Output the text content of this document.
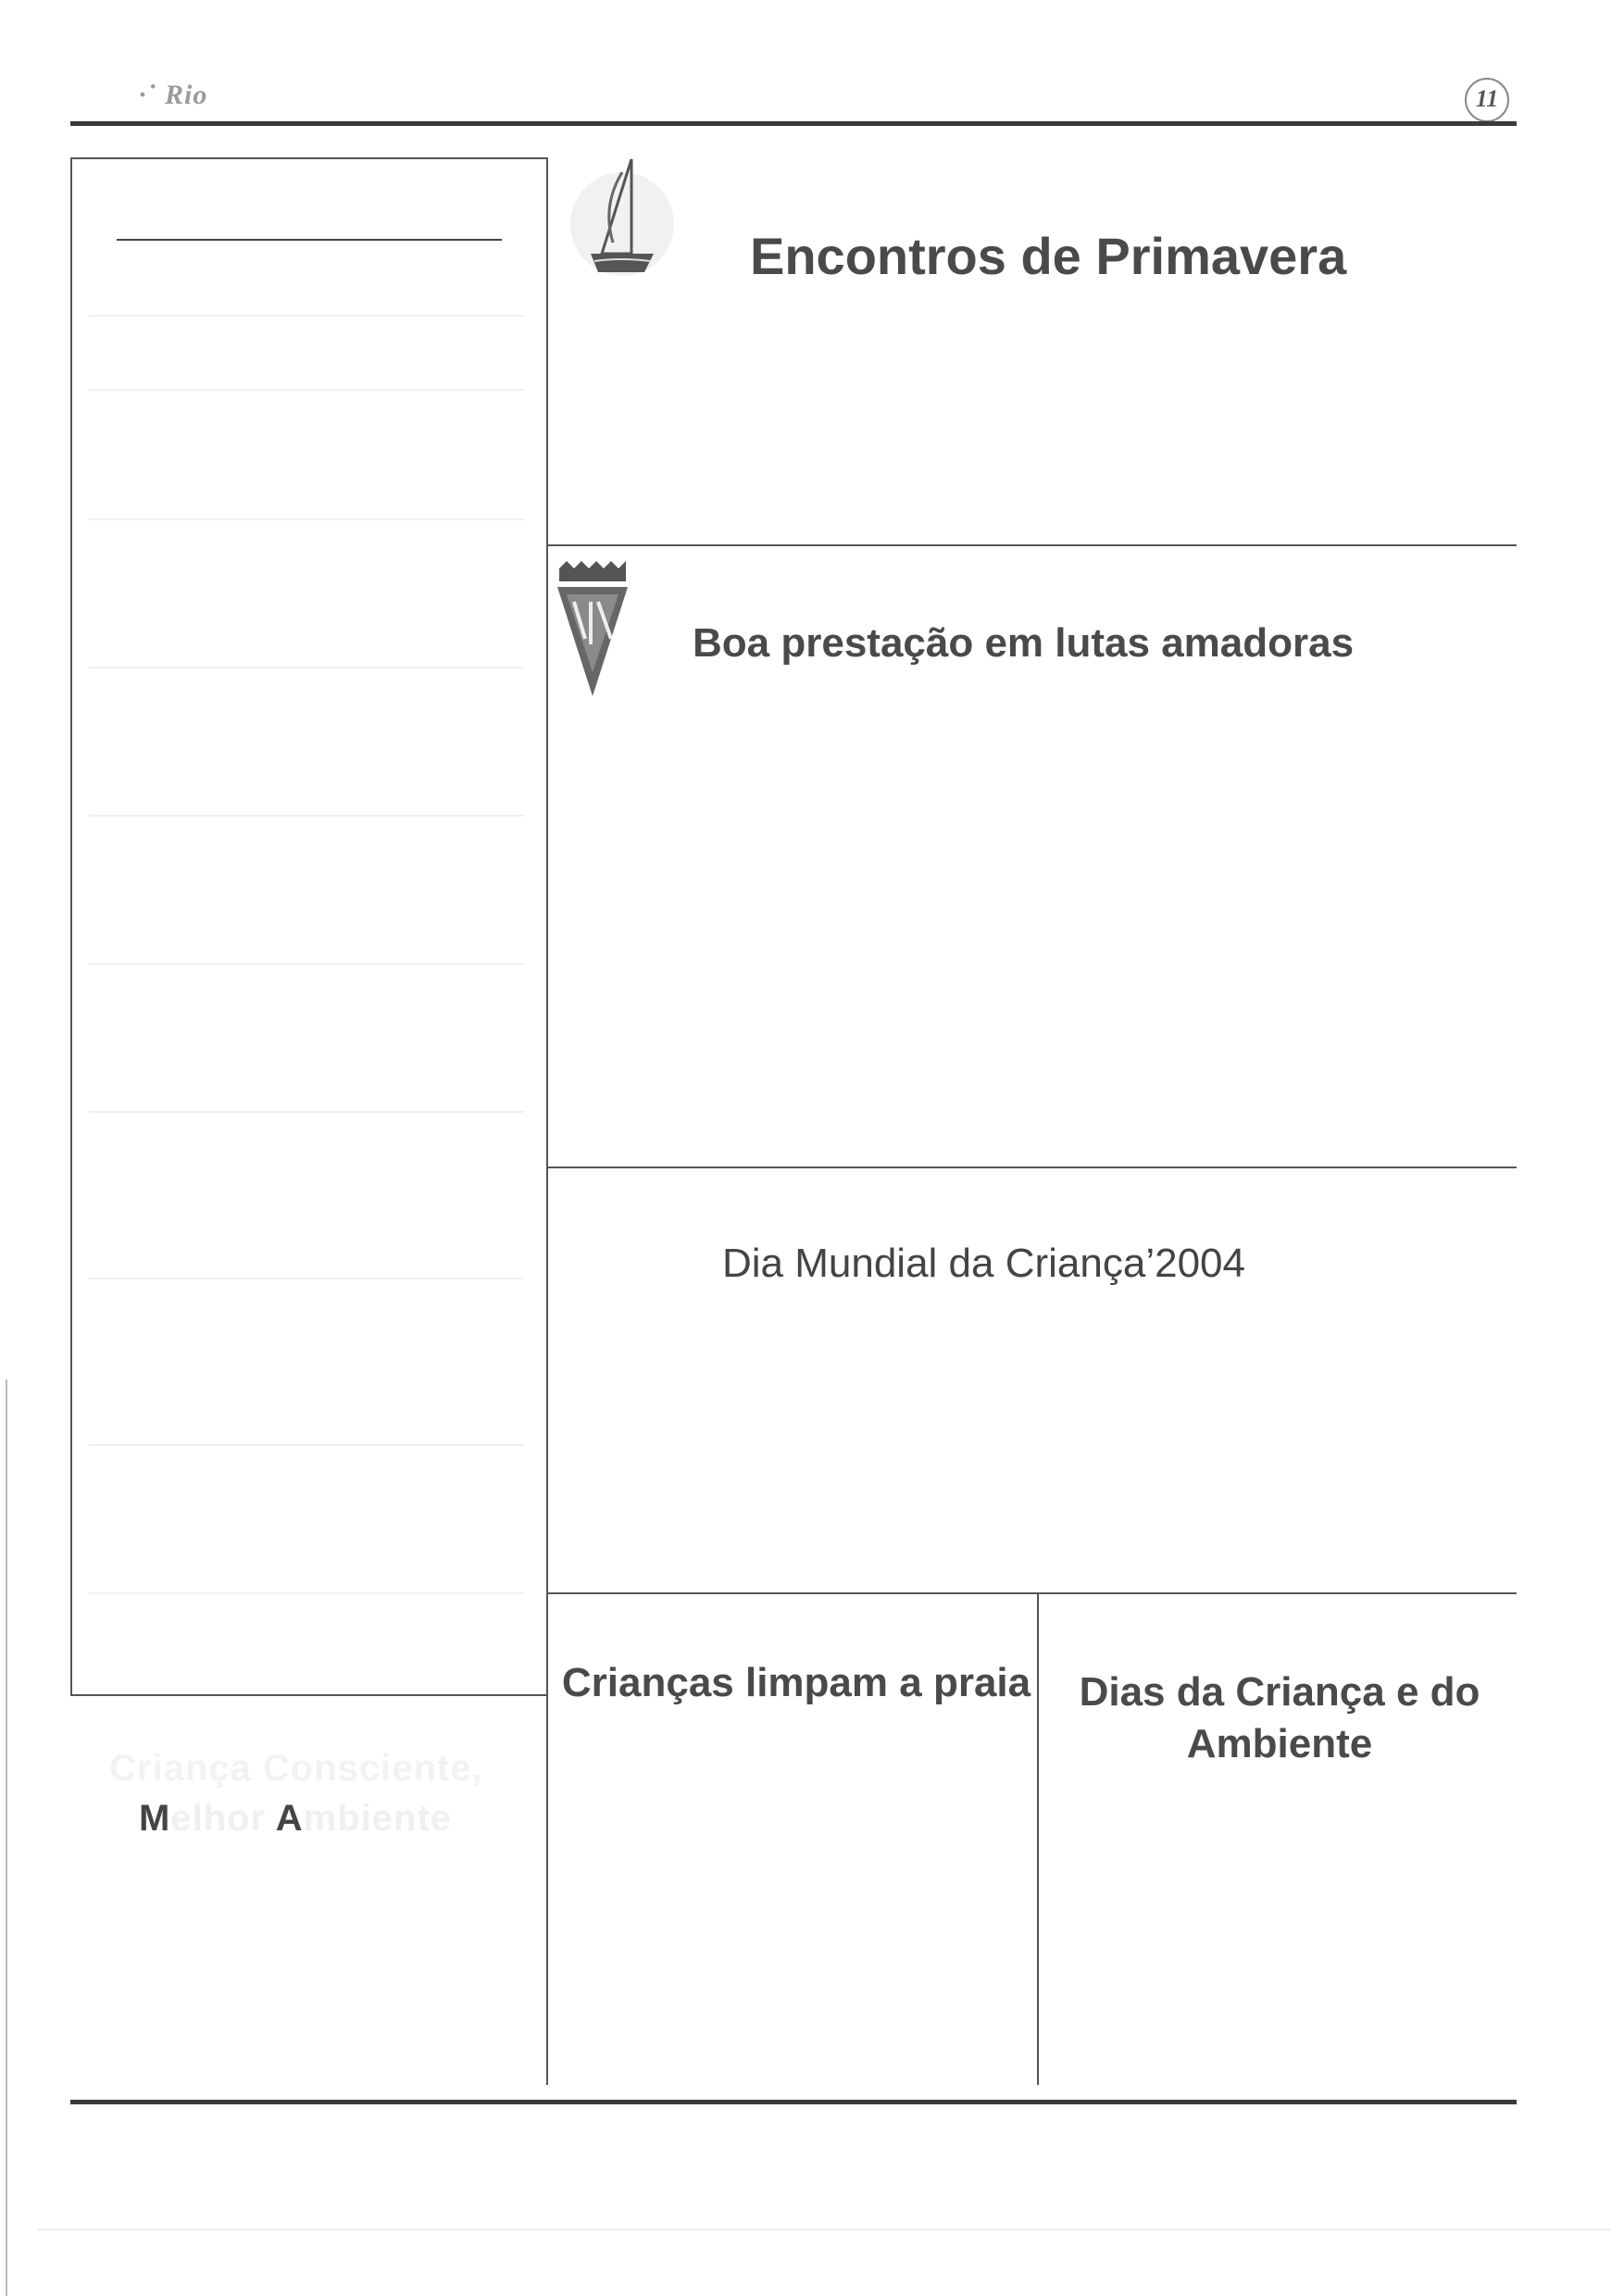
∙˙ Rio	11
Encontros de Primavera
Boa prestação em lutas amadoras
Dia Mundial da Criança’2004
Crianças limpam a praia	Dias da Criança e do Ambiente
Criança Consciente,
Melhor Ambiente
